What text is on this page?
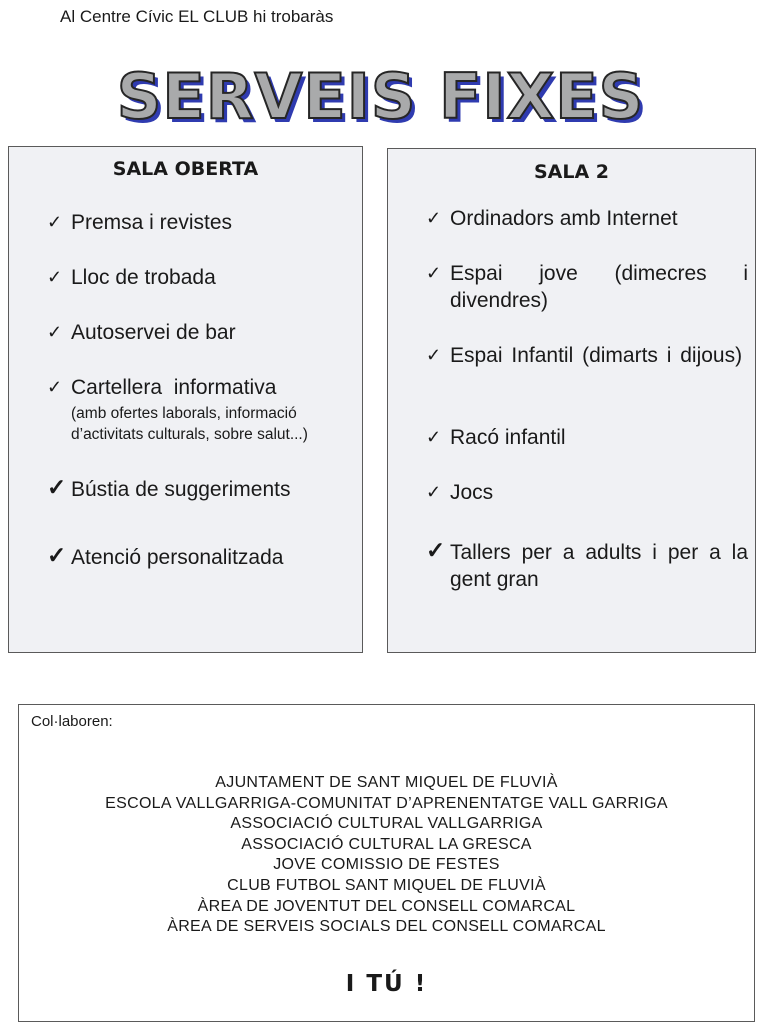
Al Centre Cívic EL CLUB hi trobaràs
SERVEIS FIXES
SALA OBERTA
✓ Premsa i revistes
✓ Lloc de trobada
✓ Autoservei de bar
✓ Cartellera  informativa
(amb ofertes laborals, informació d’activitats culturals, sobre salut...)
✓ Bústia de suggeriments
✓ Atenció personalitzada
SALA 2
✓ Ordinadors amb Internet
✓ Espai jove (dimecres i divendres)
✓ Espai Infantil (dimarts i dijous)
✓ Racó infantil
✓ Jocs
✓ Tallers per a adults i per a la gent gran
Col·laboren:
AJUNTAMENT DE SANT MIQUEL DE FLUVIÀ
ESCOLA VALLGARRIGA-COMUNITAT D’APRENENTATGE VALL GARRIGA
ASSOCIACIÓ CULTURAL VALLGARRIGA
ASSOCIACIÓ CULTURAL LA GRESCA
JOVE COMISSIO DE FESTES
CLUB FUTBOL SANT MIQUEL DE FLUVIÀ
ÀREA DE JOVENTUT DEL CONSELL COMARCAL
ÀREA DE SERVEIS SOCIALS DEL CONSELL COMARCAL
I TÚ !
